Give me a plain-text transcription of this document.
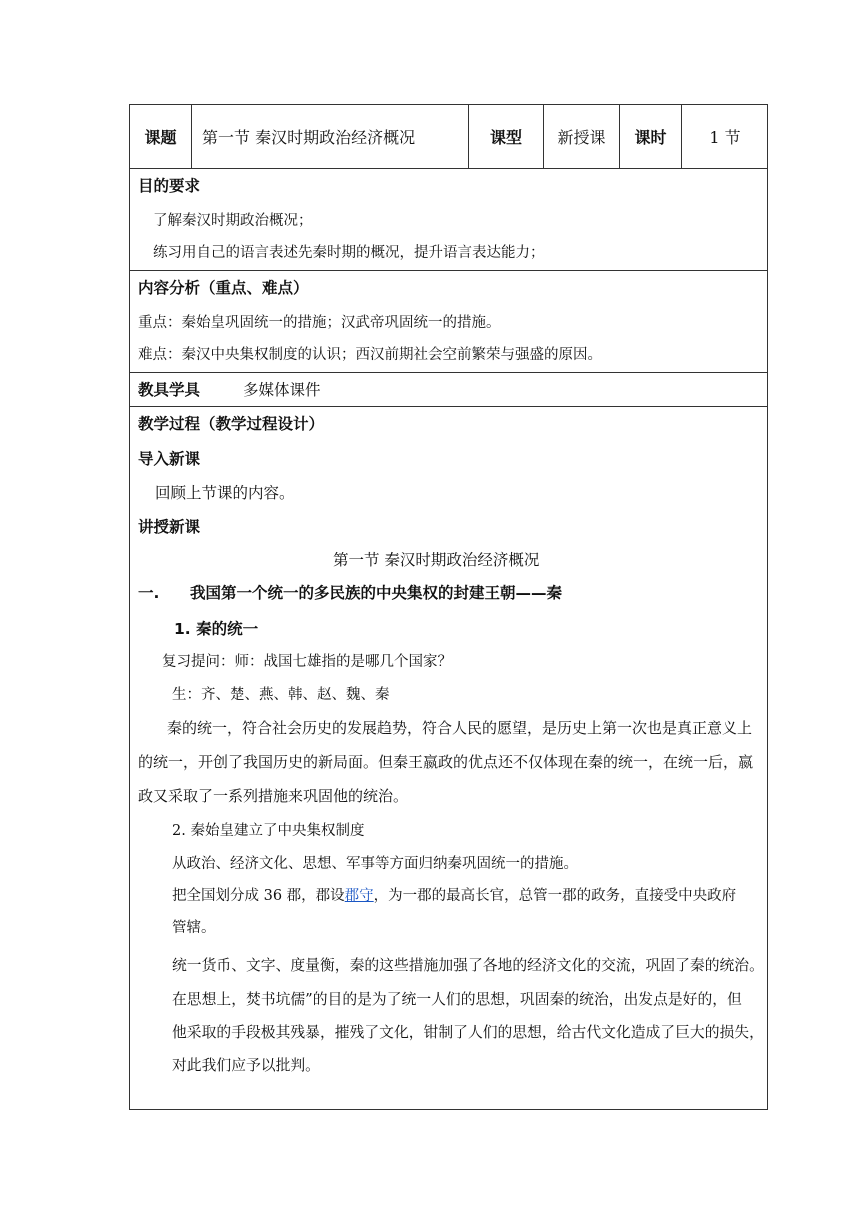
课题	第一节 秦汉时期政治经济概况	课型	新授课	课时	1 节
目的要求
了解秦汉时期政治概况；
练习用自己的语言表述先秦时期的概况，提升语言表达能力；
内容分析（重点、难点）
重点：秦始皇巩固统一的措施；汉武帝巩固统一的措施。
难点：秦汉中央集权制度的认识；西汉前期社会空前繁荣与强盛的原因。
教具学具	多媒体课件
教学过程（教学过程设计）
导入新课
回顾上节课的内容。
讲授新课
第一节 秦汉时期政治经济概况
一. 我国第一个统一的多民族的中央集权的封建王朝——秦
1. 秦的统一
复习提问：师：战国七雄指的是哪几个国家？
生：齐、楚、燕、韩、赵、魏、秦
秦的统一，符合社会历史的发展趋势，符合人民的愿望，是历史上第一次也是真正意义上
的统一，开创了我国历史的新局面。但秦王嬴政的优点还不仅体现在秦的统一，在统一后，嬴
政又采取了一系列措施来巩固他的统治。
2. 秦始皇建立了中央集权制度
从政治、经济文化、思想、军事等方面归纳秦巩固统一的措施。
把全国划分成 36 郡，郡设郡守，为一郡的最高长官，总管一郡的政务，直接受中央政府
管辖。
统一货币、文字、度量衡，秦的这些措施加强了各地的经济文化的交流，巩固了秦的统治。
在思想上，焚书坑儒”的目的是为了统一人们的思想，巩固秦的统治，出发点是好的，但
他采取的手段极其残暴，摧残了文化，钳制了人们的思想，给古代文化造成了巨大的损失，
对此我们应予以批判。
